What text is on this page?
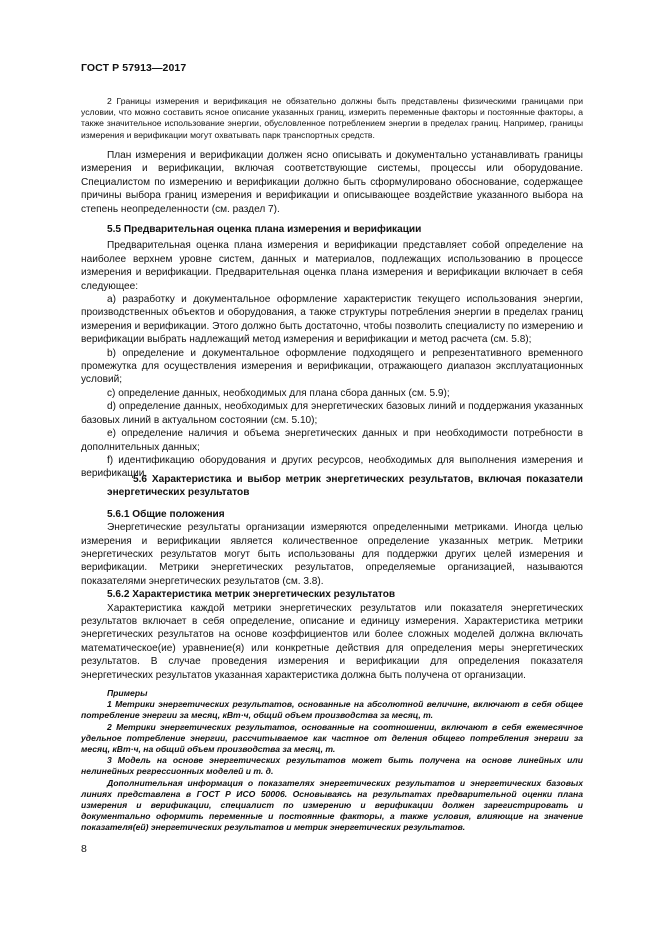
ГОСТ Р 57913—2017

2 Границы измерения и верификация не обязательно должны быть представлены физическими границами при условии, что можно составить ясное описание указанных границ, измерить переменные факторы и постоянные факторы, а также значительное использование энергии, обусловленное потреблением энергии в пределах границ. Например, границы измерения и верификации могут охватывать парк транспортных средств.

План измерения и верификации должен ясно описывать и документально устанавливать границы измерения и верификации, включая соответствующие системы, процессы или оборудование. Специалистом по измерению и верификации должно быть сформулировано обоснование, содержащее причины выбора границ измерения и верификации и описывающее воздействие указанного выбора на степень неопределенности (см. раздел 7).

5.5 Предварительная оценка плана измерения и верификации

Предварительная оценка плана измерения и верификации представляет собой определение на наиболее верхнем уровне систем, данных и материалов, подлежащих использованию в процессе измерения и верификации. Предварительная оценка плана измерения и верификации включает в себя следующее:

a) разработку и документальное оформление характеристик текущего использования энергии, производственных объектов и оборудования, а также структуры потребления энергии в пределах границ измерения и верификации. Этого должно быть достаточно, чтобы позволить специалисту по измерению и верификации выбрать надлежащий метод измерения и верификации и метод расчета (см. 5.8);

b) определение и документальное оформление подходящего и репрезентативного временного промежутка для осуществления измерения и верификации, отражающего диапазон эксплуатационных условий;

c) определение данных, необходимых для плана сбора данных (см. 5.9);

d) определение данных, необходимых для энергетических базовых линий и поддержания указанных базовых линий в актуальном состоянии (см. 5.10);

e) определение наличия и объема энергетических данных и при необходимости потребности в дополнительных данных;

f) идентификацию оборудования и других ресурсов, необходимых для выполнения измерения и верификации.

5.6 Характеристика и выбор метрик энергетических результатов, включая показатели энергетических результатов

5.6.1 Общие положения

Энергетические результаты организации измеряются определенными метриками. Иногда целью измерения и верификации является количественное определение указанных метрик. Метрики энергетических результатов могут быть использованы для поддержки других целей измерения и верификации. Метрики энергетических результатов, определяемые организацией, называются показателями энергетических результатов (см. 3.8).

5.6.2 Характеристика метрик энергетических результатов

Характеристика каждой метрики энергетических результатов или показателя энергетических результатов включает в себя определение, описание и единицу измерения. Характеристика метрики энергетических результатов на основе коэффициентов или более сложных моделей должна включать математическое(ие) уравнение(я) или конкретные действия для определения меры энергетических результатов. В случае проведения измерения и верификации для определения показателя энергетических результатов указанная характеристика должна быть получена от организации.

Примеры

1 Метрики энергетических результатов, основанные на абсолютной величине, включают в себя общее потребление энергии за месяц, кВт·ч, общий объем производства за месяц, т.

2 Метрики энергетических результатов, основанные на соотношении, включают в себя ежемесячное удельное потребление энергии, рассчитываемое как частное от деления общего потребления энергии за месяц, кВт·ч, на общий объем производства за месяц, т.

3 Модель на основе энергетических результатов может быть получена на основе линейных или нелинейных регрессионных моделей и т. д.

Дополнительная информация о показателях энергетических результатов и энергетических базовых линиях представлена в ГОСТ Р ИСО 50006. Основываясь на результатах предварительной оценки плана измерения и верификации, специалист по измерению и верификации должен зарегистрировать и документально оформить переменные и постоянные факторы, а также условия, влияющие на значение показателя(ей) энергетических результатов и метрик энергетических результатов.

8
